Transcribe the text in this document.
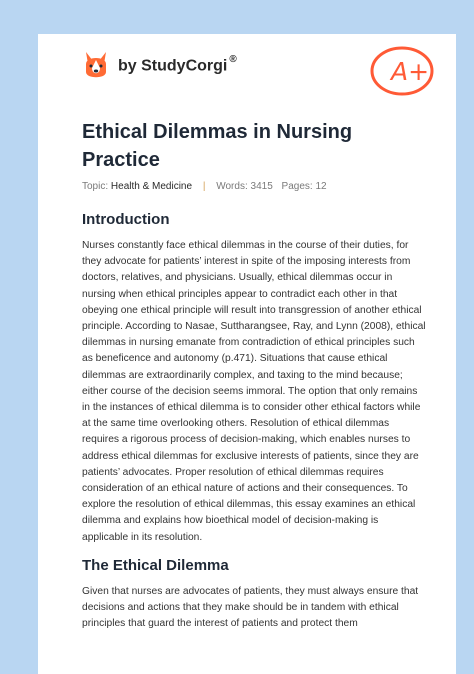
by StudyCorgi ®	A+
Ethical Dilemmas in Nursing Practice
Topic: Health & Medicine | Words: 3415 Pages: 12
Introduction

Nurses constantly face ethical dilemmas in the course of their duties, for they advocate for patients’ interest in spite of the imposing interests from doctors, relatives, and physicians. Usually, ethical dilemmas occur in nursing when ethical principles appear to contradict each other in that obeying one ethical principle will result into transgression of another ethical principle. According to Nasae, Suttharangsee, Ray, and Lynn (2008), ethical dilemmas in nursing emanate from contradiction of ethical principles such as beneficence and autonomy (p.471). Situations that cause ethical dilemmas are extraordinarily complex, and taxing to the mind because; either course of the decision seems immoral. The option that only remains in the instances of ethical dilemma is to consider other ethical factors while at the same time overlooking others. Resolution of ethical dilemmas requires a rigorous process of decision-making, which enables nurses to address ethical dilemmas for exclusive interests of patients, since they are patients’ advocates. Proper resolution of ethical dilemmas requires consideration of an ethical nature of actions and their consequences. To explore the resolution of ethical dilemmas, this essay examines an ethical dilemma and explains how bioethical model of decision-making is applicable in its resolution.

The Ethical Dilemma

Given that nurses are advocates of patients, they must always ensure that decisions and actions that they make should be in tandem with ethical principles that guard the interest of patients and protect them
